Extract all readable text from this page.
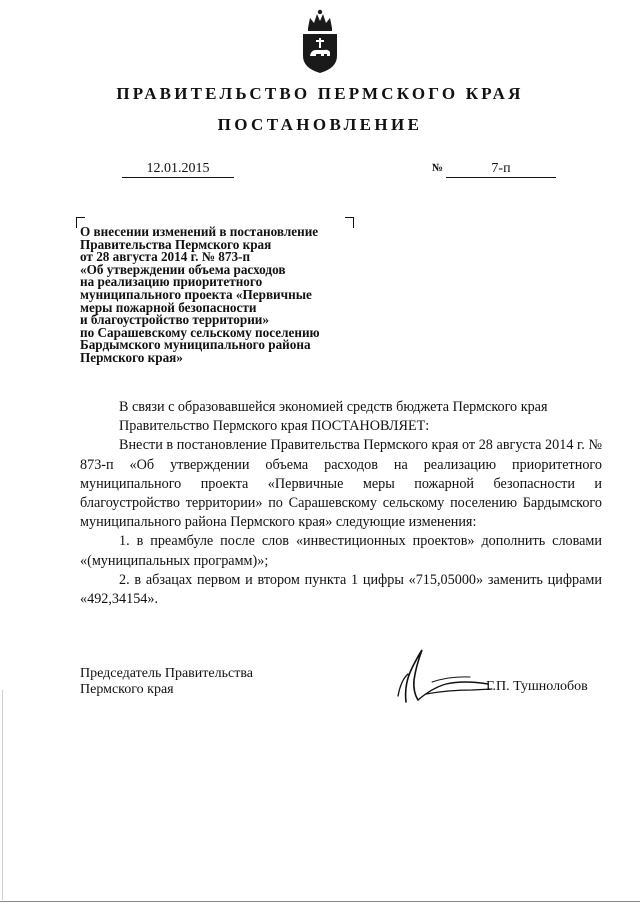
ПРАВИТЕЛЬСТВО ПЕРМСКОГО КРАЯ
ПОСТАНОВЛЕНИЕ
12.01.2015	№	7-п
О внесении изменений в постановление
Правительства Пермского края
от 28 августа 2014 г. № 873-п
«Об утверждении объема расходов
на реализацию приоритетного
муниципального проекта «Первичные
меры пожарной безопасности
и благоустройство территории»
по Сарашевскому сельскому поселению
Бардымского муниципального района
Пермского края»

В связи с образовавшейся экономией средств бюджета Пермского края

Правительство Пермского края ПОСТАНОВЛЯЕТ:

Внести в постановление Правительства Пермского края от 28 августа 2014 г. № 873-п «Об утверждении объема расходов на реализацию приоритетного муниципального проекта «Первичные меры пожарной безопасности и благоустройство территории» по Сарашевскому сельскому поселению Бардымского муниципального района Пермского края» следующие изменения:

1. в преамбуле после слов «инвестиционных проектов» дополнить словами «(муниципальных программ)»;

2. в абзацах первом и втором пункта 1 цифры «715,05000» заменить цифрами «492,34154».

Председатель Правительства
Пермского края	Г.П. Тушнолобов
